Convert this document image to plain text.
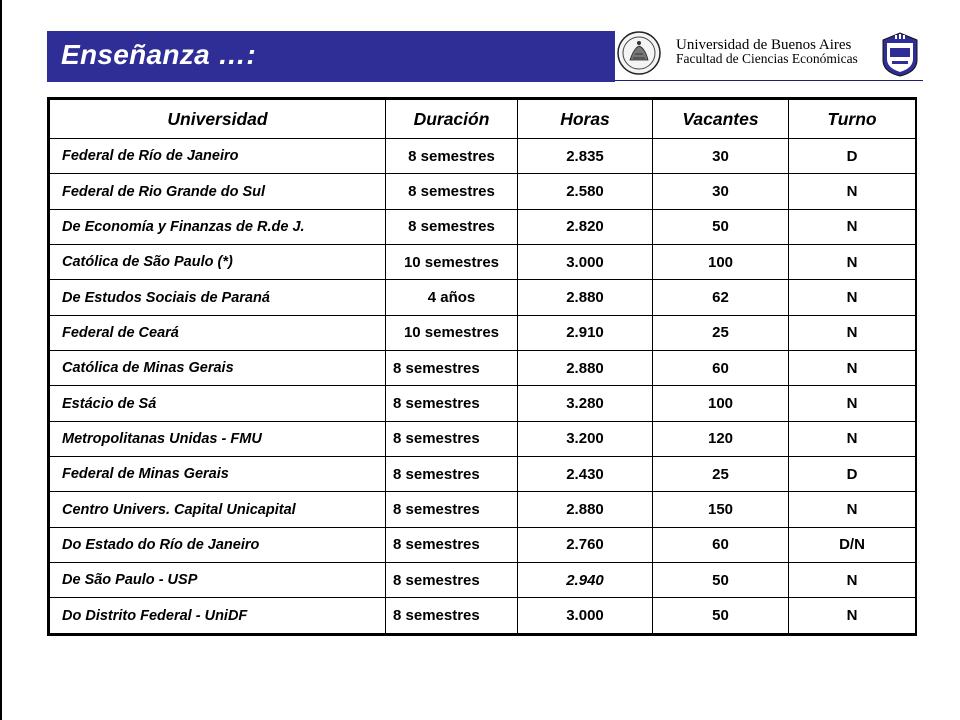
Enseñanza …:	Universidad de Buenos Aires
Facultad de Ciencias Económicas
Universidad	Duración	Horas	Vacantes	Turno
Federal de Río de Janeiro	8 semestres	2.835	30	D
Federal de Rio Grande do Sul	8 semestres	2.580	30	N
De Economía y Finanzas de R.de J.	8 semestres	2.820	50	N
Católica de São Paulo (*)	10 semestres	3.000	100	N
De Estudos Sociais de Paraná	4 años	2.880	62	N
Federal de Ceará	10 semestres	2.910	25	N
Católica de Minas Gerais	8 semestres	2.880	60	N
Estácio de Sá	8 semestres	3.280	100	N
Metropolitanas Unidas - FMU	8 semestres	3.200	120	N
Federal de Minas Gerais	8 semestres	2.430	25	D
Centro Univers. Capital Unicapital	8 semestres	2.880	150	N
Do Estado do Río de Janeiro	8 semestres	2.760	60	D/N
De São Paulo - USP	8 semestres	2.940	50	N
Do Distrito Federal - UniDF	8 semestres	3.000	50	N
